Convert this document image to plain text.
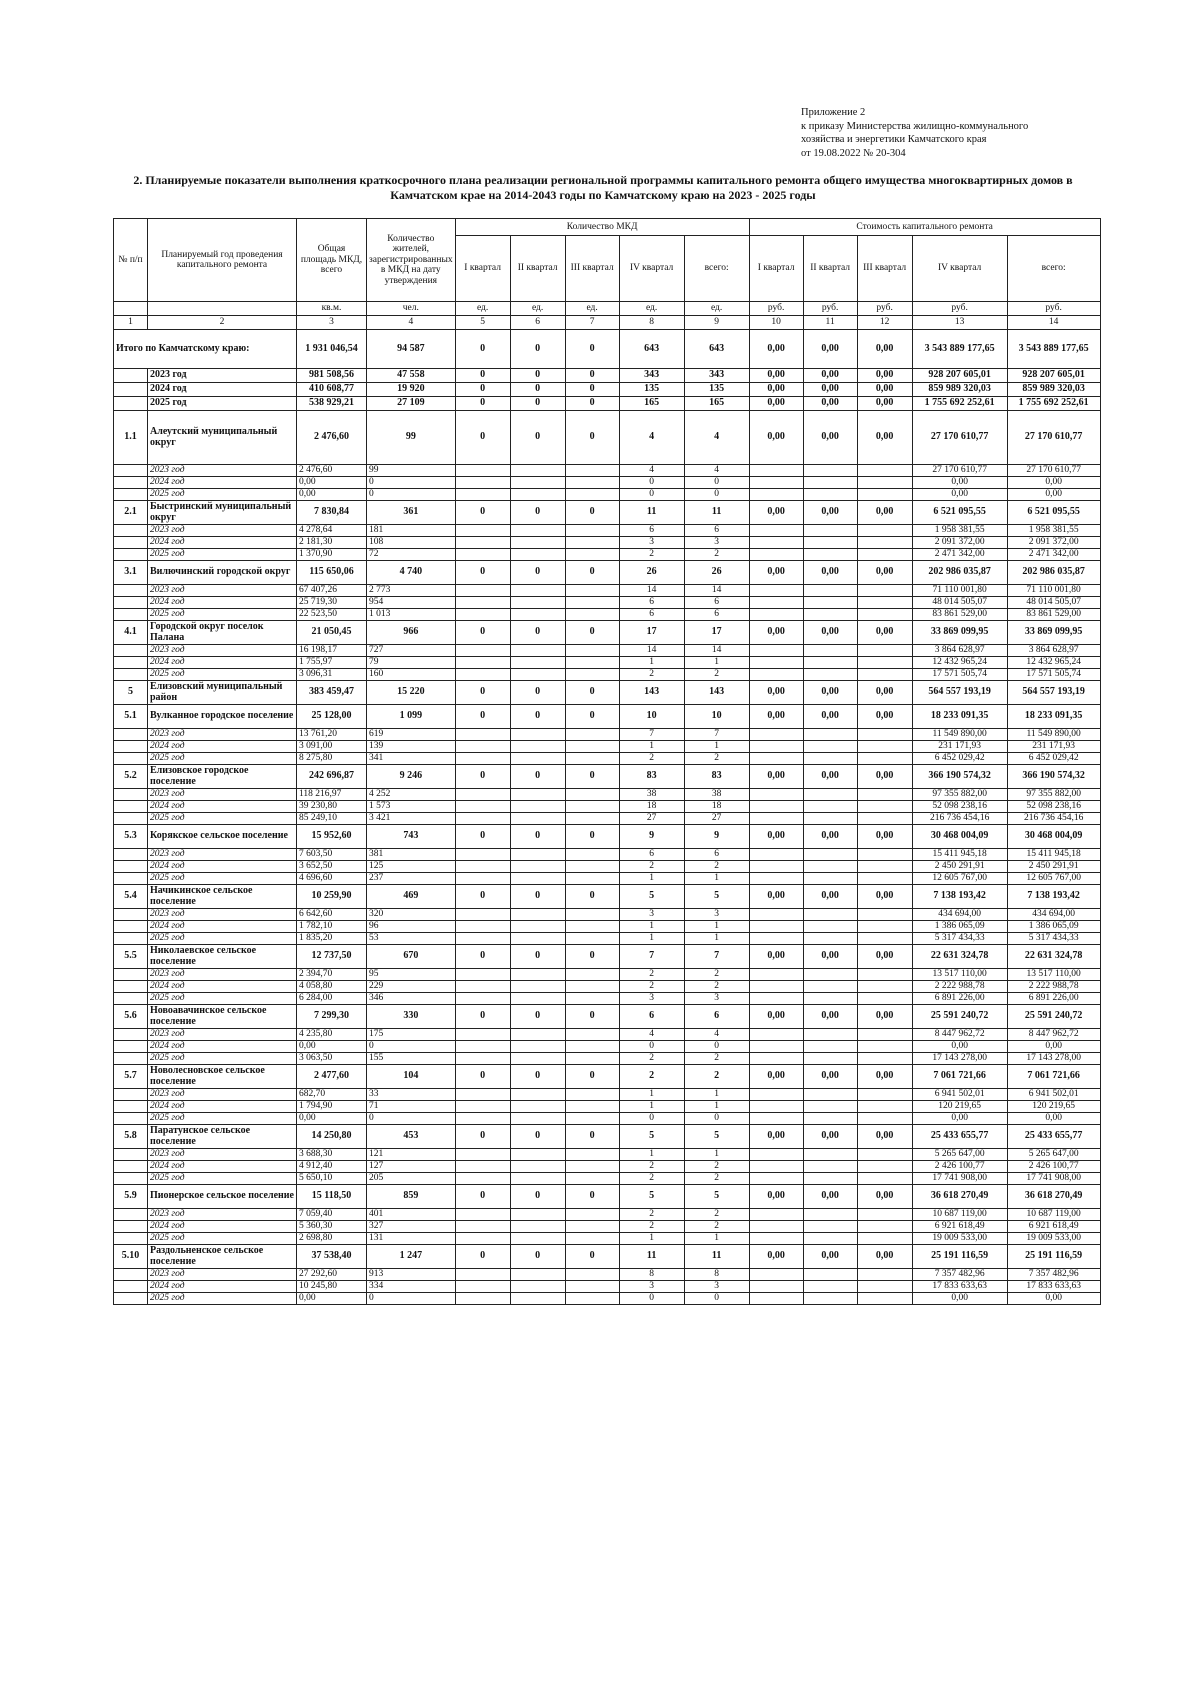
Приложение 2
к приказу Министерства жилищно-коммунального
хозяйства и энергетики Камчатского края
от 19.08.2022 № 20-304
2. Планируемые показатели выполнения краткосрочного плана реализации региональной программы капитального ремонта общего имущества многоквартирных домов в Камчатском крае на 2014-2043 годы по Камчатскому краю на 2023 - 2025 годы
№ п/п	Планируемый год проведения капитального ремонта	Общая площадь МКД, всего	Количество жителей, зарегистрированных в МКД на дату утверждения	Количество МКД					Стоимость капитального ремонта				
				I квартал	II квартал	III квартал	IV квартал	всего:	I квартал	II квартал	III квартал	IV квартал	всего:
		кв.м.	чел.	ед.	ед.	ед.	ед.	ед.	руб.	руб.	руб.	руб.	руб.
1	2	3	4	5	6	7	8	9	10	11	12	13	14
Итого по Камчатскому краю:		1 931 046,54	94 587	0	0	0	643	643	0,00	0,00	0,00	3 543 889 177,65	3 543 889 177,65
	2023 год	981 508,56	47 558	0	0	0	343	343	0,00	0,00	0,00	928 207 605,01	928 207 605,01
	2024 год	410 608,77	19 920	0	0	0	135	135	0,00	0,00	0,00	859 989 320,03	859 989 320,03
	2025 год	538 929,21	27 109	0	0	0	165	165	0,00	0,00	0,00	1 755 692 252,61	1 755 692 252,61
1.1	Алеутский муниципальный округ	2 476,60	99	0	0	0	4	4	0,00	0,00	0,00	27 170 610,77	27 170 610,77
	2023 год	2 476,60	99				4	4				27 170 610,77	27 170 610,77
	2024 год	0,00	0				0	0				0,00	0,00
	2025 год	0,00	0				0	0				0,00	0,00
2.1	Быстринский муниципальный округ	7 830,84	361	0	0	0	11	11	0,00	0,00	0,00	6 521 095,55	6 521 095,55
	2023 год	4 278,64	181				6	6				1 958 381,55	1 958 381,55
	2024 год	2 181,30	108				3	3				2 091 372,00	2 091 372,00
	2025 год	1 370,90	72				2	2				2 471 342,00	2 471 342,00
3.1	Вилючинский городской округ	115 650,06	4 740	0	0	0	26	26	0,00	0,00	0,00	202 986 035,87	202 986 035,87
	2023 год	67 407,26	2 773				14	14				71 110 001,80	71 110 001,80
	2024 год	25 719,30	954				6	6				48 014 505,07	48 014 505,07
	2025 год	22 523,50	1 013				6	6				83 861 529,00	83 861 529,00
4.1	Городской округ поселок Палана	21 050,45	966	0	0	0	17	17	0,00	0,00	0,00	33 869 099,95	33 869 099,95
	2023 год	16 198,17	727				14	14				3 864 628,97	3 864 628,97
	2024 год	1 755,97	79				1	1				12 432 965,24	12 432 965,24
	2025 год	3 096,31	160				2	2				17 571 505,74	17 571 505,74
5	Елизовский муниципальный район	383 459,47	15 220	0	0	0	143	143	0,00	0,00	0,00	564 557 193,19	564 557 193,19
5.1	Вулканное городское поселение	25 128,00	1 099	0	0	0	10	10	0,00	0,00	0,00	18 233 091,35	18 233 091,35
	2023 год	13 761,20	619				7	7				11 549 890,00	11 549 890,00
	2024 год	3 091,00	139				1	1				231 171,93	231 171,93
	2025 год	8 275,80	341				2	2				6 452 029,42	6 452 029,42
5.2	Елизовское городское поселение	242 696,87	9 246	0	0	0	83	83	0,00	0,00	0,00	366 190 574,32	366 190 574,32
	2023 год	118 216,97	4 252				38	38				97 355 882,00	97 355 882,00
	2024 год	39 230,80	1 573				18	18				52 098 238,16	52 098 238,16
	2025 год	85 249,10	3 421				27	27				216 736 454,16	216 736 454,16
5.3	Корякское сельское поселение	15 952,60	743	0	0	0	9	9	0,00	0,00	0,00	30 468 004,09	30 468 004,09
	2023 год	7 603,50	381				6	6				15 411 945,18	15 411 945,18
	2024 год	3 652,50	125				2	2				2 450 291,91	2 450 291,91
	2025 год	4 696,60	237				1	1				12 605 767,00	12 605 767,00
5.4	Начикинское сельское поселение	10 259,90	469	0	0	0	5	5	0,00	0,00	0,00	7 138 193,42	7 138 193,42
	2023 год	6 642,60	320				3	3				434 694,00	434 694,00
	2024 год	1 782,10	96				1	1				1 386 065,09	1 386 065,09
	2025 год	1 835,20	53				1	1				5 317 434,33	5 317 434,33
5.5	Николаевское сельское поселение	12 737,50	670	0	0	0	7	7	0,00	0,00	0,00	22 631 324,78	22 631 324,78
	2023 год	2 394,70	95				2	2				13 517 110,00	13 517 110,00
	2024 год	4 058,80	229				2	2				2 222 988,78	2 222 988,78
	2025 год	6 284,00	346				3	3				6 891 226,00	6 891 226,00
5.6	Новоавачинское сельское поселение	7 299,30	330	0	0	0	6	6	0,00	0,00	0,00	25 591 240,72	25 591 240,72
	2023 год	4 235,80	175				4	4				8 447 962,72	8 447 962,72
	2024 год	0,00	0				0	0				0,00	0,00
	2025 год	3 063,50	155				2	2				17 143 278,00	17 143 278,00
5.7	Новолесновское сельское поселение	2 477,60	104	0	0	0	2	2	0,00	0,00	0,00	7 061 721,66	7 061 721,66
	2023 год	682,70	33				1	1				6 941 502,01	6 941 502,01
	2024 год	1 794,90	71				1	1				120 219,65	120 219,65
	2025 год	0,00	0				0	0				0,00	0,00
5.8	Паратунское сельское поселение	14 250,80	453	0	0	0	5	5	0,00	0,00	0,00	25 433 655,77	25 433 655,77
	2023 год	3 688,30	121				1	1				5 265 647,00	5 265 647,00
	2024 год	4 912,40	127				2	2				2 426 100,77	2 426 100,77
	2025 год	5 650,10	205				2	2				17 741 908,00	17 741 908,00
5.9	Пионерское сельское поселение	15 118,50	859	0	0	0	5	5	0,00	0,00	0,00	36 618 270,49	36 618 270,49
	2023 год	7 059,40	401				2	2				10 687 119,00	10 687 119,00
	2024 год	5 360,30	327				2	2				6 921 618,49	6 921 618,49
	2025 год	2 698,80	131				1	1				19 009 533,00	19 009 533,00
5.10	Раздольненское сельское поселение	37 538,40	1 247	0	0	0	11	11	0,00	0,00	0,00	25 191 116,59	25 191 116,59
	2023 год	27 292,60	913				8	8				7 357 482,96	7 357 482,96
	2024 год	10 245,80	334				3	3				17 833 633,63	17 833 633,63
	2025 год	0,00	0				0	0				0,00	0,00
